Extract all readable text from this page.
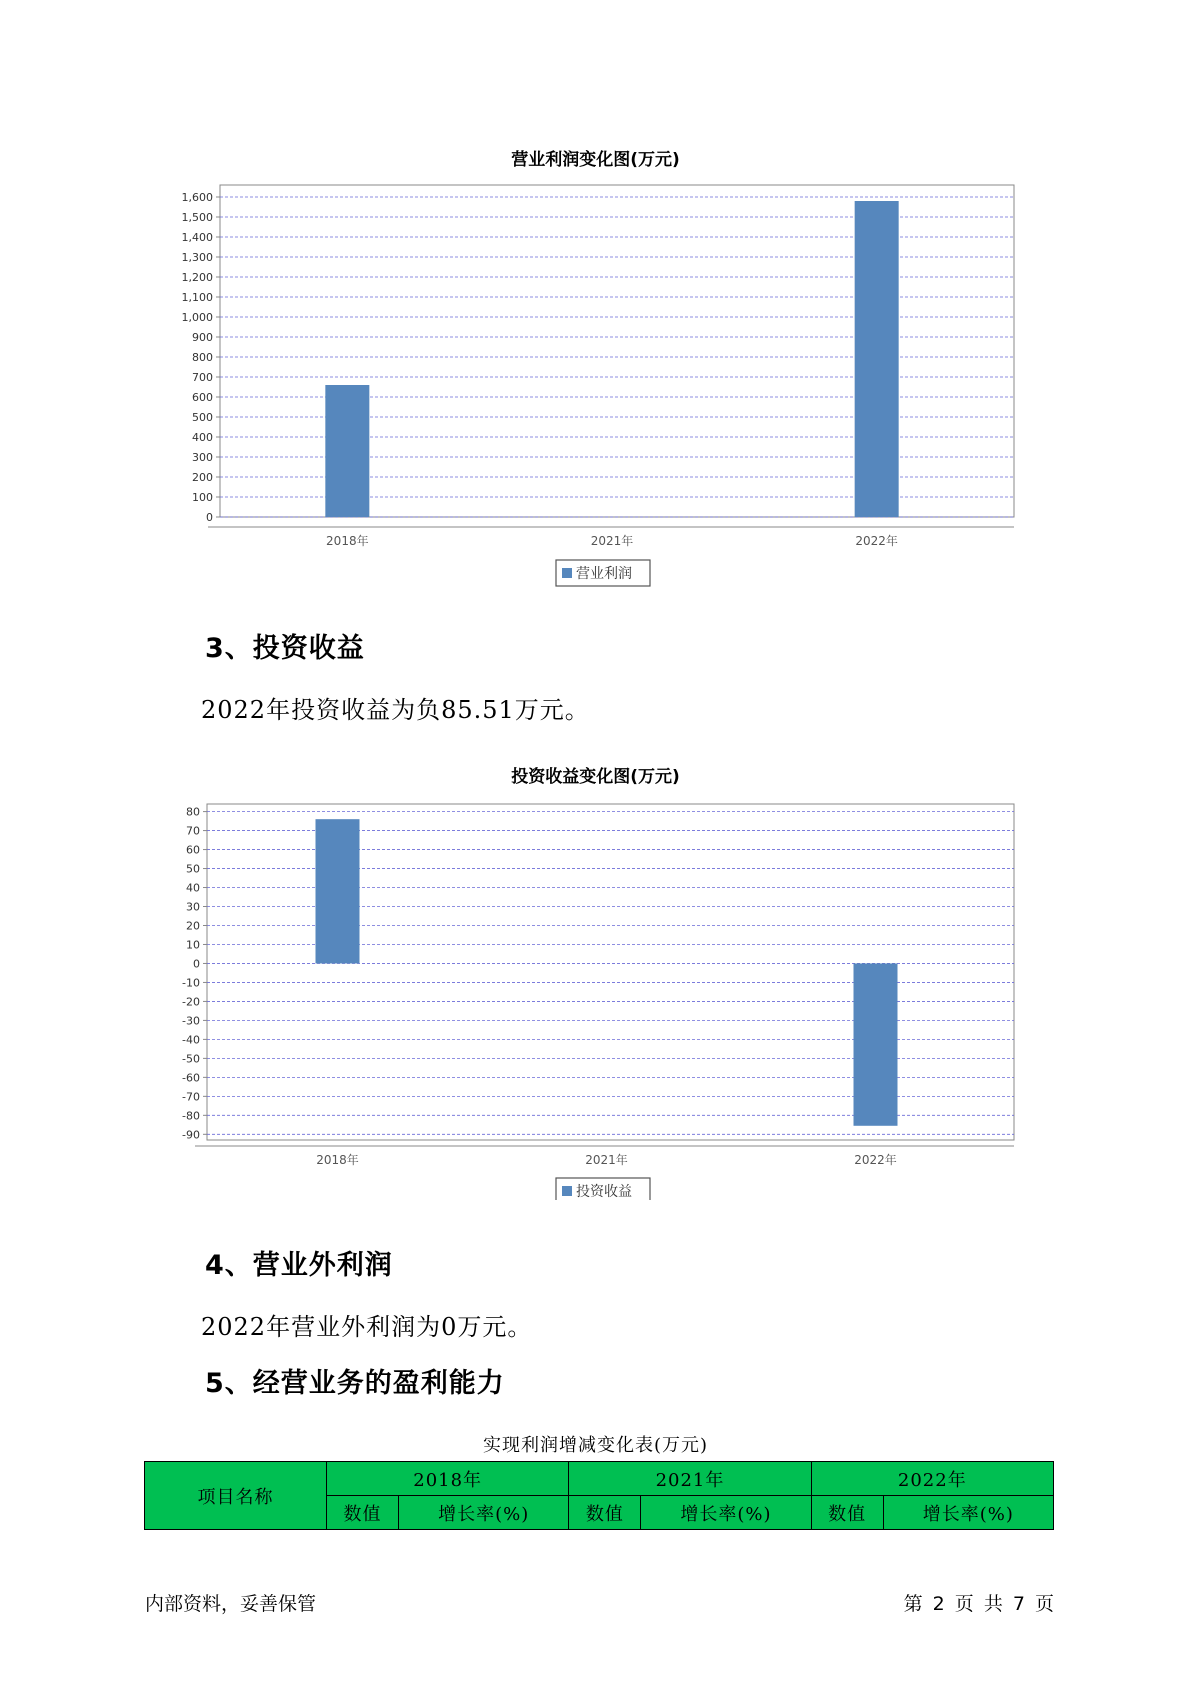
营业利润变化图(万元)
0
100
200
300
400
500
600
700
800
900
1,000
1,100
1,200
1,300
1,400
1,500
1,600
2018年	2021年	2022年
营业利润
3、投资收益
2022年投资收益为负85.51万元。
投资收益变化图(万元)
80
70
60
50
40
30
20
10
0
-10
-20
-30
-40
-50
-60
-70
-80
-90
2018年	2021年	2022年
投资收益
4、营业外利润
2022年营业外利润为0万元。
5、经营业务的盈利能力
实现利润增减变化表(万元)
项目名称	2018年		2021年		2022年	
	数值	增长率(%)	数值	增长率(%)	数值	增长率(%)
内部资料，妥善保管	第 2 页 共 7 页
